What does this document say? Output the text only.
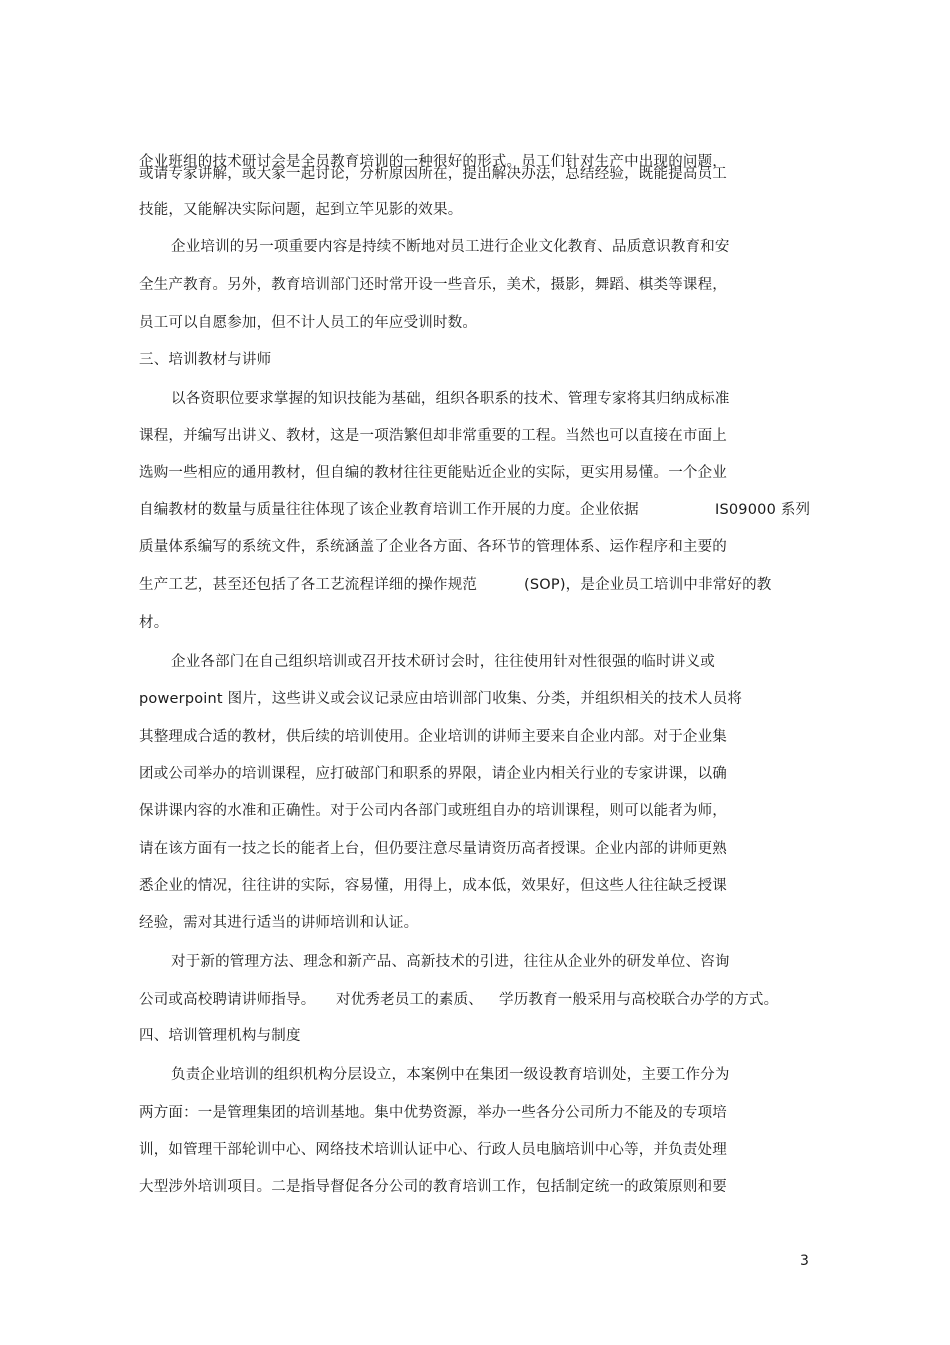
企业班组的技术研讨会是全员教育培训的一种很好的形式。员工们针对生产中出现的问题，
或请专家讲解，或大家一起讨论，分析原因所在，提出解决办法，总结经验，既能提高员工
技能，又能解决实际问题，起到立竿见影的效果。
企业培训的另一项重要内容是持续不断地对员工进行企业文化教育、品质意识教育和安
全生产教育。另外，教育培训部门还时常开设一些音乐，美术，摄影，舞蹈、棋类等课程，
员工可以自愿参加，但不计人员工的年应受训时数。
三、培训教材与讲师
以各资职位要求掌握的知识技能为基础，组织各职系的技术、管理专家将其归纳成标准
课程，并编写出讲义、教材，这是一项浩繁但却非常重要的工程。当然也可以直接在市面上
选购一些相应的通用教材，但自编的教材往往更能贴近企业的实际，更实用易懂。一个企业
自编教材的数量与质量往往体现了该企业教育培训工作开展的力度。企业依据	IS09000 系列
质量体系编写的系统文件，系统涵盖了企业各方面、各环节的管理体系、运作程序和主要的
生产工艺，甚至还包括了各工艺流程详细的操作规范	(SOP)，是企业员工培训中非常好的教
材。
企业各部门在自己组织培训或召开技术研讨会时，往往使用针对性很强的临时讲义或
powerpoint 图片，这些讲义或会议记录应由培训部门收集、分类，并组织相关的技术人员将
其整理成合适的教材，供后续的培训使用。企业培训的讲师主要来自企业内部。对于企业集
团或公司举办的培训课程，应打破部门和职系的界限，请企业内相关行业的专家讲课，以确
保讲课内容的水准和正确性。对于公司内各部门或班组自办的培训课程，则可以能者为师，
请在该方面有一技之长的能者上台，但仍要注意尽量请资历高者授课。企业内部的讲师更熟
悉企业的情况，往往讲的实际，容易懂，用得上，成本低，效果好，但这些人往往缺乏授课
经验，需对其进行适当的讲师培训和认证。
对于新的管理方法、理念和新产品、高新技术的引进，往往从企业外的研发单位、咨询
公司或高校聘请讲师指导。 对优秀老员工的素质、 学历教育一般采用与高校联合办学的方式。
四、培训管理机构与制度
负责企业培训的组织机构分层设立，本案例中在集团一级设教育培训处，主要工作分为
两方面：一是管理集团的培训基地。集中优势资源，举办一些各分公司所力不能及的专项培
训，如管理干部轮训中心、网络技术培训认证中心、行政人员电脑培训中心等，并负责处理
大型涉外培训项目。二是指导督促各分公司的教育培训工作，包括制定统一的政策原则和要
3
